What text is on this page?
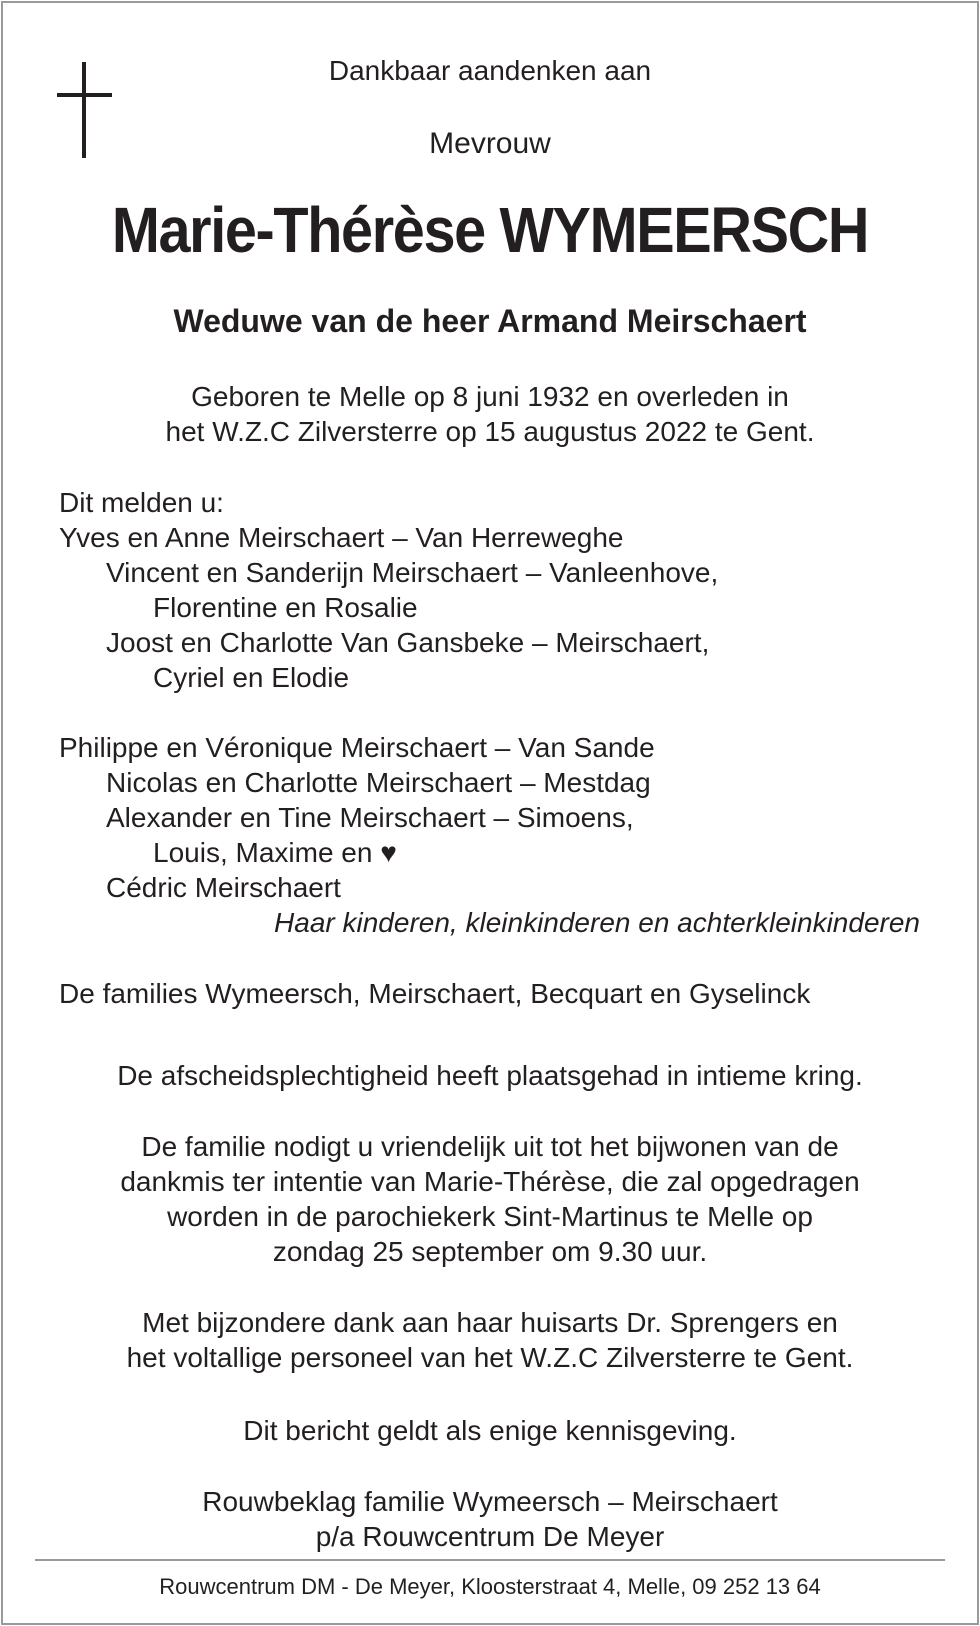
Dankbaar aandenken aan
Mevrouw
Marie-Thérèse WYMEERSCH
Weduwe van de heer Armand Meirschaert
Geboren te Melle op 8 juni 1932 en overleden in
het W.Z.C Zilversterre op 15 augustus 2022 te Gent.
Dit melden u:
Yves en Anne Meirschaert – Van Herreweghe
Vincent en Sanderijn Meirschaert – Vanleenhove,
Florentine en Rosalie
Joost en Charlotte Van Gansbeke – Meirschaert,
Cyriel en Elodie
Philippe en Véronique Meirschaert – Van Sande
Nicolas en Charlotte Meirschaert – Mestdag
Alexander en Tine Meirschaert – Simoens,
Louis, Maxime en ♥
Cédric Meirschaert
Haar kinderen, kleinkinderen en achterkleinkinderen
De families Wymeersch, Meirschaert, Becquart en Gyselinck
De afscheidsplechtigheid heeft plaatsgehad in intieme kring.
De familie nodigt u vriendelijk uit tot het bijwonen van de
dankmis ter intentie van Marie-Thérèse, die zal opgedragen
worden in de parochiekerk Sint-Martinus te Melle op
zondag 25 september om 9.30 uur.
Met bijzondere dank aan haar huisarts Dr. Sprengers en
het voltallige personeel van het W.Z.C Zilversterre te Gent.
Dit bericht geldt als enige kennisgeving.
Rouwbeklag familie Wymeersch – Meirschaert
p/a Rouwcentrum De Meyer
Rouwcentrum DM - De Meyer, Kloosterstraat 4, Melle, 09 252 13 64
